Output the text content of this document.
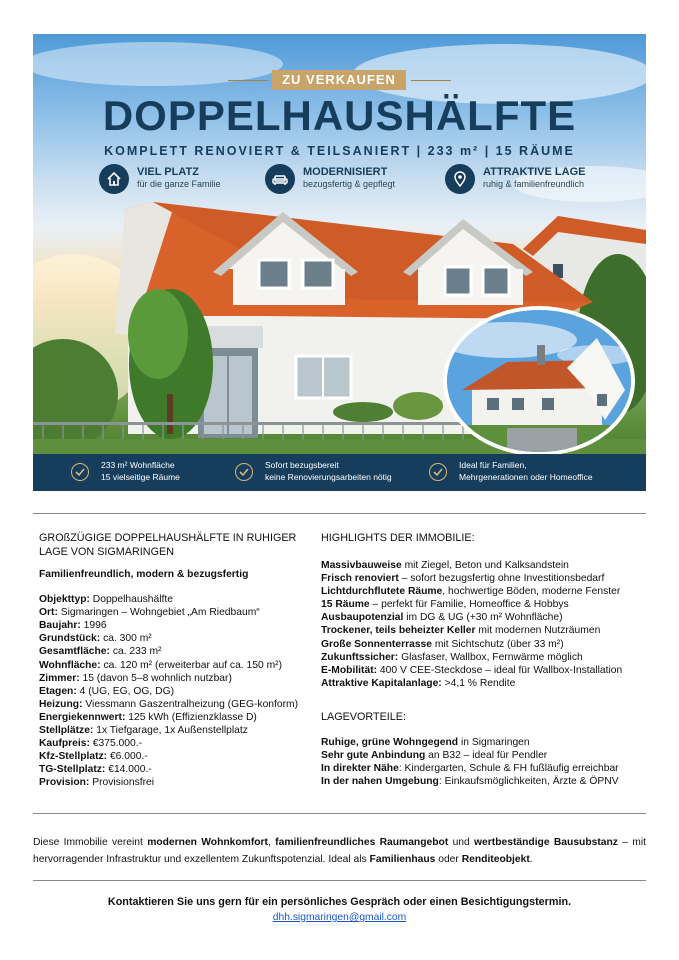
ZU VERKAUFEN
DOPPELHAUSHÄLFTE
KOMPLETT RENOVIERT & TEILSANIERT | 233 m² | 15 RÄUME
VIEL PLATZ
für die ganze Familie
MODERNISIERT
bezugsfertig & gepflegt
ATTRAKTIVE LAGE
ruhig & familienfreundlich
233 m² Wohnfläche
15 vielseitige Räume
Sofort bezugsbereit
keine Renovierungsarbeiten nötig
Ideal für Familien,
Mehrgenerationen oder Homeoffice
GROßZÜGIGE DOPPELHAUSHÄLFTE IN RUHIGER
LAGE VON SIGMARINGEN
Familienfreundlich, modern & bezugsfertig
Objekttyp: Doppelhaushälfte
Ort: Sigmaringen – Wohngebiet „Am Riedbaum“
Baujahr: 1996
Grundstück: ca. 300 m²
Gesamtfläche: ca. 233 m²
Wohnfläche: ca. 120 m² (erweiterbar auf ca. 150 m²)
Zimmer: 15 (davon 5–8 wohnlich nutzbar)
Etagen: 4 (UG, EG, OG, DG)
Heizung: Viessmann Gaszentralheizung (GEG-konform)
Energiekennwert: 125 kWh (Effizienzklasse D)
Stellplätze: 1x Tiefgarage, 1x Außenstellplatz
Kaufpreis: €375.000.-
Kfz-Stellplatz: €6.000.-
TG-Stellplatz: €14.000.-
Provision: Provisionsfrei
HIGHLIGHTS DER IMMOBILIE:
Massivbauweise mit Ziegel, Beton und Kalksandstein
Frisch renoviert – sofort bezugsfertig ohne Investitionsbedarf
Lichtdurchflutete Räume, hochwertige Böden, moderne Fenster
15 Räume – perfekt für Familie, Homeoffice & Hobbys
Ausbaupotenzial im DG & UG (+30 m² Wohnfläche)
Trockener, teils beheizter Keller mit modernen Nutzräumen
Große Sonnenterrasse mit Sichtschutz (über 33 m²)
Zukunftssicher: Glasfaser, Wallbox, Fernwärme möglich
E-Mobilität: 400 V CEE-Steckdose – ideal für Wallbox-Installation
Attraktive Kapitalanlage: >4,1 % Rendite
LAGEVORTEILE:
Ruhige, grüne Wohngegend in Sigmaringen
Sehr gute Anbindung an B32 – ideal für Pendler
In direkter Nähe: Kindergarten, Schule & FH fußläufig erreichbar
In der nahen Umgebung: Einkaufsmöglichkeiten, Ärzte & ÖPNV
Diese Immobilie vereint modernen Wohnkomfort, familienfreundliches Raumangebot und wertbeständige Bausubstanz – mit hervorragender Infrastruktur und exzellentem Zukunftspotenzial. Ideal als Familienhaus oder Renditeobjekt.
Kontaktieren Sie uns gern für ein persönliches Gespräch oder einen Besichtigungstermin.
dhh.sigmaringen@gmail.com
